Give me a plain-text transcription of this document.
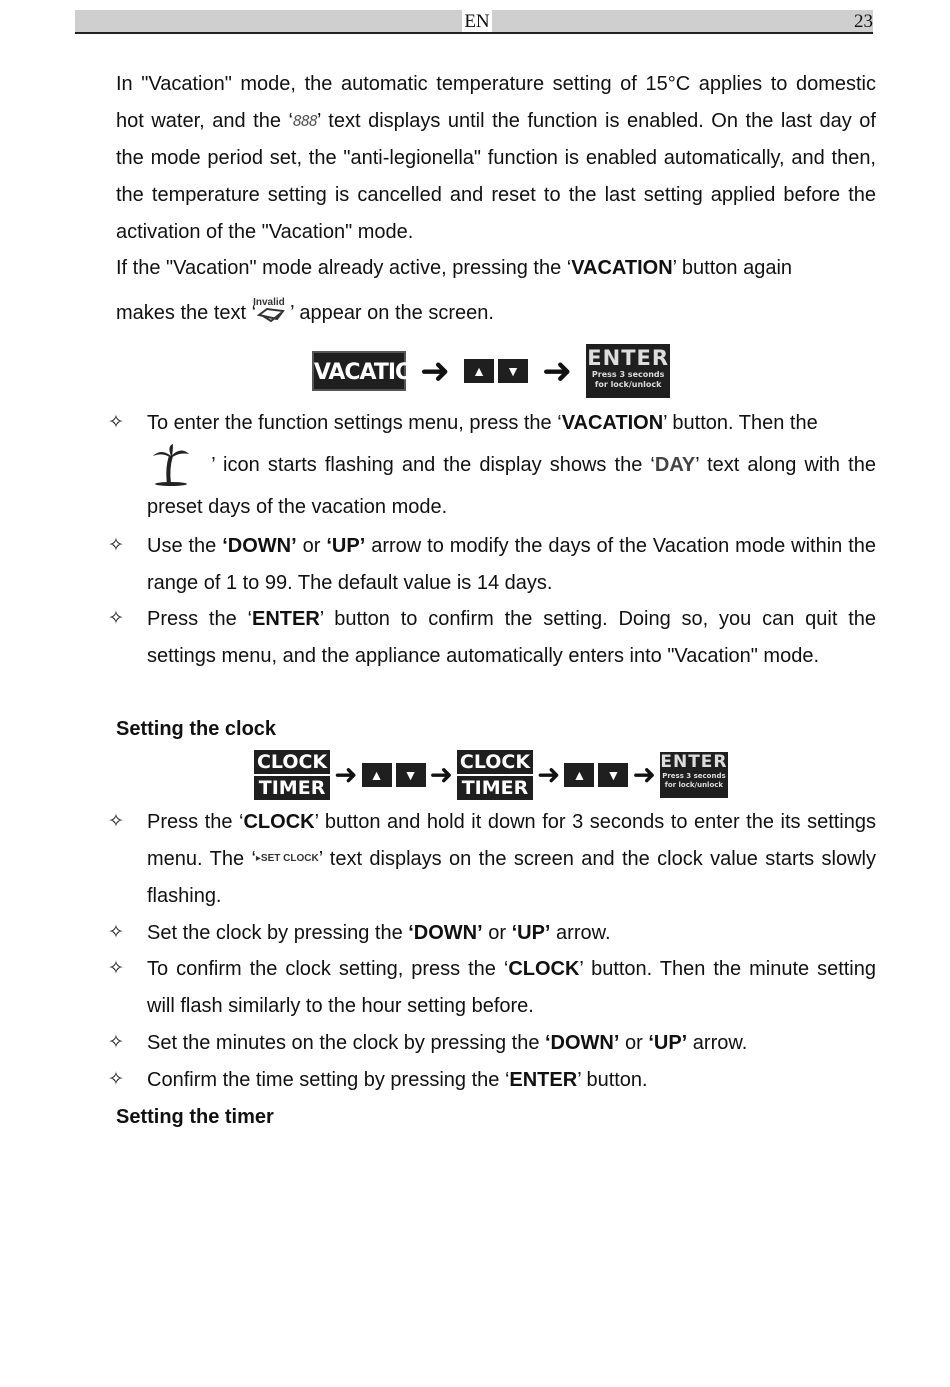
EN	23

In "Vacation" mode, the automatic temperature setting of 15°C applies to domestic hot water, and the ‘888’ text displays until the function is enabled. On the last day of the mode period set, the "anti-legionella" function is enabled automatically, and then, the temperature setting is cancelled and reset to the last setting applied before the activation of the "Vacation" mode.

If the "Vacation" mode already active, pressing the ‘VACATION’ button again

makes the text ‘
Invalid ’ appear on the screen.

VACATION
➜	▲	▼ ➜ ENTER
Press 3 seconds for lock/unlock

✧ To enter the function settings menu, press the ‘VACATION’ button. Then the

’ icon starts flashing and the display shows the ‘DAY’ text along with the preset days of the vacation mode.

✧ Use the ‘DOWN’ or ‘UP’ arrow to modify the days of the Vacation mode within the range of 1 to 99. The default value is 14 days.

✧ Press the ‘ENTER’ button to confirm the setting. Doing so, you can quit the settings menu, and the appliance automatically enters into "Vacation" mode.

Setting the clock

CLOCK
TIMER ➜ ▲	▼ ➜ CLOCK
TIMER ➜ ▲	▼ ➜ ENTER
Press 3 seconds for lock/unlock

✧ Press the ‘CLOCK’ button and hold it down for 3 seconds to enter the its settings menu. The ‘▸SET CLOCK’ text displays on the screen and the clock value starts slowly flashing.

✧ Set the clock by pressing the ‘DOWN’ or ‘UP’ arrow.

✧ To confirm the clock setting, press the ‘CLOCK’ button. Then the minute setting will flash similarly to the hour setting before.

✧ Set the minutes on the clock by pressing the ‘DOWN’ or ‘UP’ arrow.

✧ Confirm the time setting by pressing the ‘ENTER’ button.

Setting the timer
